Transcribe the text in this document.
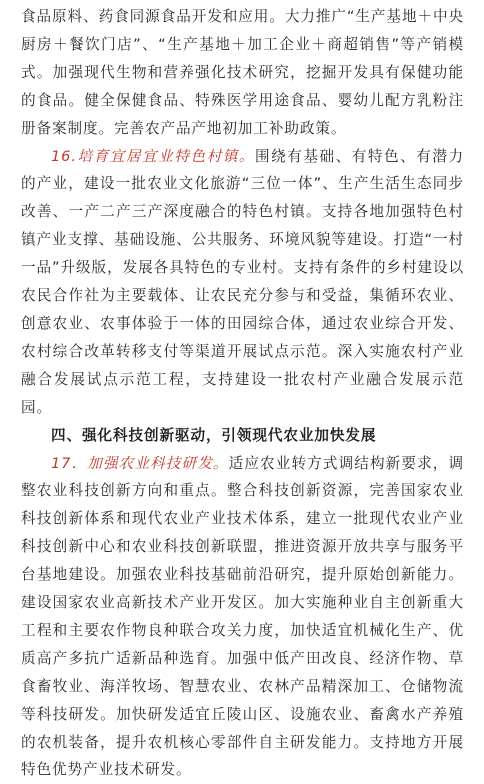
食品原料、药食同源食品开发和应用。大力推广“生产基地＋中央厨房＋餐饮门店”、“生产基地＋加工企业＋商超销售”等产销模式。加强现代生物和营养强化技术研究，挖掘开发具有保健功能的食品。健全保健食品、特殊医学用途食品、婴幼儿配方乳粉注册备案制度。完善农产品产地初加工补助政策。

16.培育宜居宜业特色村镇。围绕有基础、有特色、有潜力的产业，建设一批农业文化旅游“三位一体”、生产生活生态同步改善、一产二产三产深度融合的特色村镇。支持各地加强特色村镇产业支撑、基础设施、公共服务、环境风貌等建设。打造“一村一品”升级版，发展各具特色的专业村。支持有条件的乡村建设以农民合作社为主要载体、让农民充分参与和受益，集循环农业、创意农业、农事体验于一体的田园综合体，通过农业综合开发、农村综合改革转移支付等渠道开展试点示范。深入实施农村产业融合发展试点示范工程，支持建设一批农村产业融合发展示范园。

四、强化科技创新驱动，引领现代农业加快发展

17．加强农业科技研发。适应农业转方式调结构新要求，调整农业科技创新方向和重点。整合科技创新资源，完善国家农业科技创新体系和现代农业产业技术体系，建立一批现代农业产业科技创新中心和农业科技创新联盟，推进资源开放共享与服务平台基地建设。加强农业科技基础前沿研究，提升原始创新能力。建设国家农业高新技术产业开发区。加大实施种业自主创新重大工程和主要农作物良种联合攻关力度，加快适宜机械化生产、优质高产多抗广适新品种选育。加强中低产田改良、经济作物、草食畜牧业、海洋牧场、智慧农业、农林产品精深加工、仓储物流等科技研发。加快研发适宜丘陵山区、设施农业、畜禽水产养殖的农机装备，提升农机核心零部件自主研发能力。支持地方开展特色优势产业技术研发。
